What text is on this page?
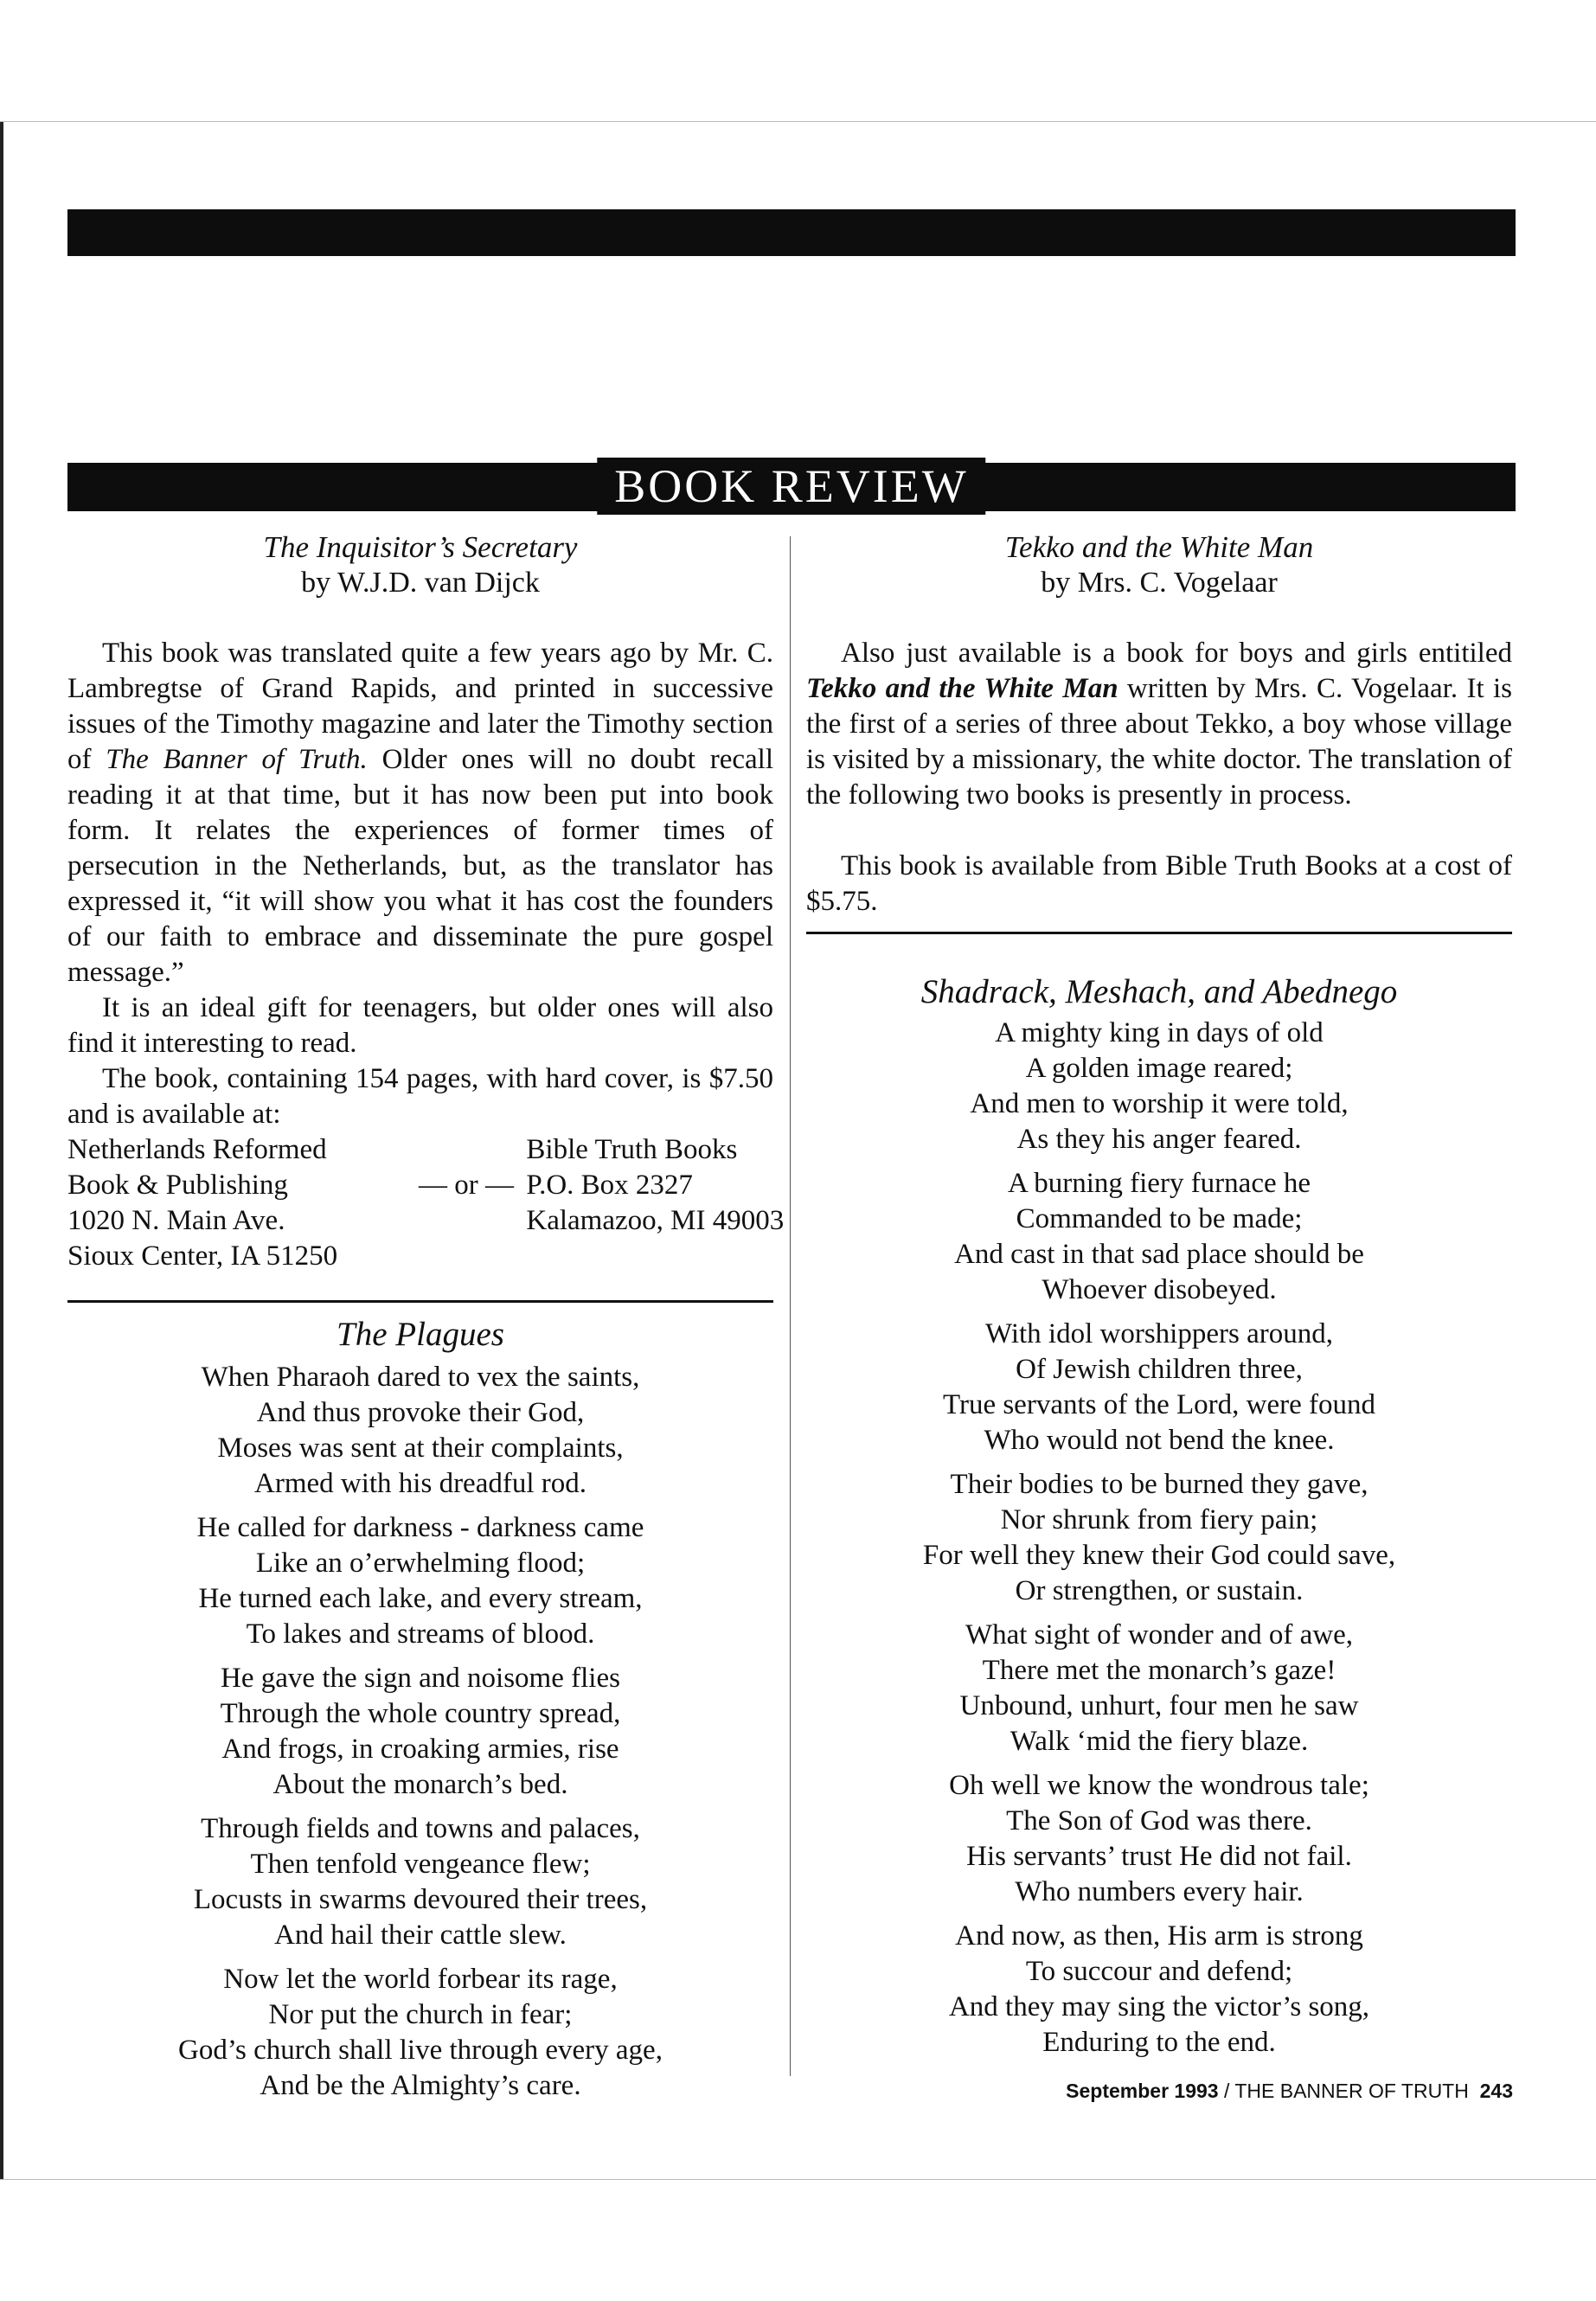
BOOK REVIEW
The Inquisitor’s Secretary
by W.J.D. van Dijck

This book was translated quite a few years ago by Mr. C. Lambregtse of Grand Rapids, and printed in successive issues of the Timothy magazine and later the Timothy section of The Banner of Truth. Older ones will no doubt recall reading it at that time, but it has now been put into book form. It relates the experiences of former times of persecution in the Netherlands, but, as the translator has expressed it, “it will show you what it has cost the founders of our faith to embrace and disseminate the pure gospel message.”

It is an ideal gift for teenagers, but older ones will also find it interesting to read.

The book, containing 154 pages, with hard cover, is $7.50 and is available at:

Netherlands Reformed	Bible Truth Books
Book & Publishing	— or — P.O. Box 2327
1020 N. Main Ave.	Kalamazoo, MI 49003
Sioux Center, IA 51250
The Plagues
When Pharaoh dared to vex the saints,
And thus provoke their God,
Moses was sent at their complaints,
Armed with his dreadful rod.
He called for darkness - darkness came
Like an o’erwhelming flood;
He turned each lake, and every stream,
To lakes and streams of blood.
He gave the sign and noisome flies
Through the whole country spread,
And frogs, in croaking armies, rise
About the monarch’s bed.
Through fields and towns and palaces,
Then tenfold vengeance flew;
Locusts in swarms devoured their trees,
And hail their cattle slew.
Now let the world forbear its rage,
Nor put the church in fear;
God’s church shall live through every age,
And be the Almighty’s care.
Tekko and the White Man
by Mrs. C. Vogelaar

Also just available is a book for boys and girls entitiled Tekko and the White Man written by Mrs. C. Vogelaar. It is the first of a series of three about Tekko, a boy whose village is visited by a missionary, the white doctor. The translation of the following two books is presently in process.

This book is available from Bible Truth Books at a cost of $5.75.

Shadrack, Meshach, and Abednego
A mighty king in days of old
A golden image reared;
And men to worship it were told,
As they his anger feared.
A burning fiery furnace he
Commanded to be made;
And cast in that sad place should be
Whoever disobeyed.
With idol worshippers around,
Of Jewish children three,
True servants of the Lord, were found
Who would not bend the knee.
Their bodies to be burned they gave,
Nor shrunk from fiery pain;
For well they knew their God could save,
Or strengthen, or sustain.
What sight of wonder and of awe,
There met the monarch’s gaze!
Unbound, unhurt, four men he saw
Walk ‘mid the fiery blaze.
Oh well we know the wondrous tale;
The Son of God was there.
His servants’ trust He did not fail.
Who numbers every hair.
And now, as then, His arm is strong
To succour and defend;
And they may sing the victor’s song,
Enduring to the end.
September 1993 / THE BANNER OF TRUTH 243
